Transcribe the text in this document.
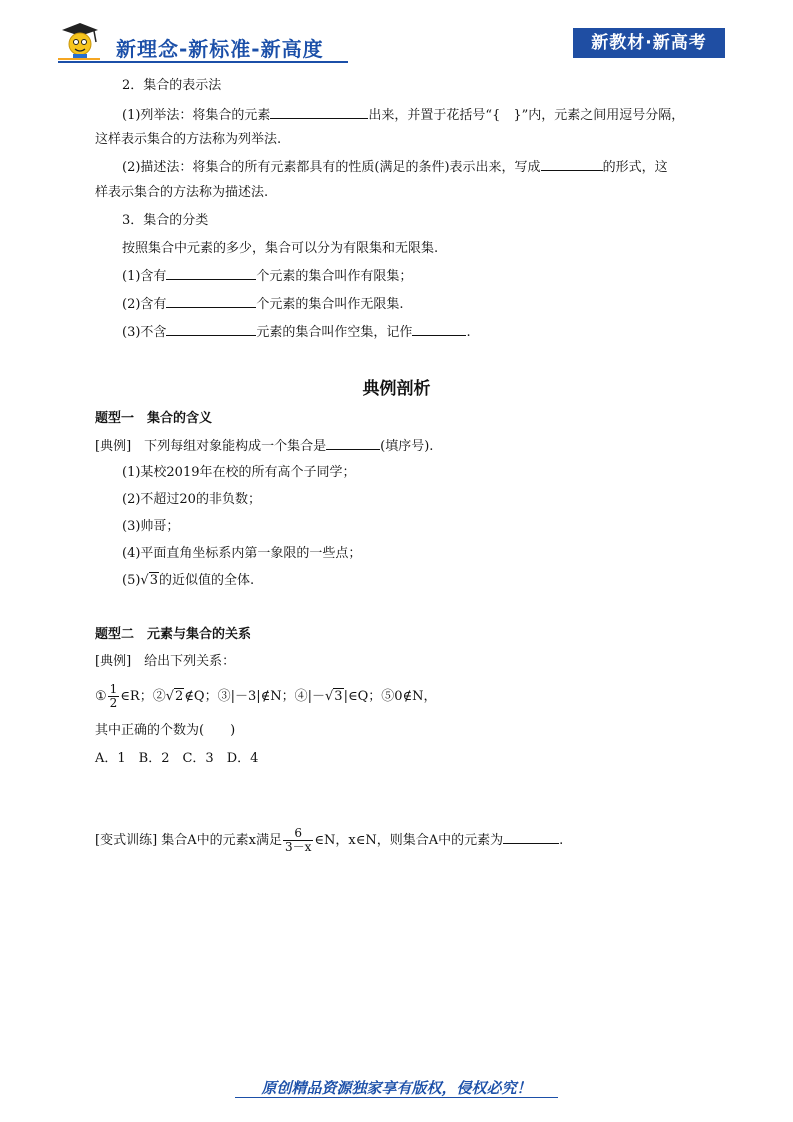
新理念-新标准-新高度	新教材·新高考
2．集合的表示法
(1)列举法：将集合的元素	出来，并置于花括号“{　}”内，元素之间用逗号分隔，
这样表示集合的方法称为列举法.
(2)描述法：将集合的所有元素都具有的性质(满足的条件)表示出来，写成	的形式，这
样表示集合的方法称为描述法.
3．集合的分类
按照集合中元素的多少，集合可以分为有限集和无限集.
(1)含有	个元素的集合叫作有限集；
(2)含有	个元素的集合叫作无限集.
(3)不含	元素的集合叫作空集，记作	.
典例剖析
题型一　集合的含义
[典例]　下列每组对象能构成一个集合是	(填序号).
(1)某校2019年在校的所有高个子同学；
(2)不超过20的非负数；
(3)帅哥；
(4)平面直角坐标系内第一象限的一些点；
(5)√3的近似值的全体.
题型二　元素与集合的关系
[典例]　给出下列关系：
① $\frac{1}{2}$ ∈R；②√2∉Q；③|－3|∉N；④|－√3|∈Q；⑤0∉N，
其中正确的个数为(　　)
A．1　B．2　C．3　D．4
[变式训练] 集合A中的元素x满足 $\frac{6}{3-x}$ ∈N，x∈N，则集合A中的元素为	.
原创精品资源独家享有版权，侵权必究！
